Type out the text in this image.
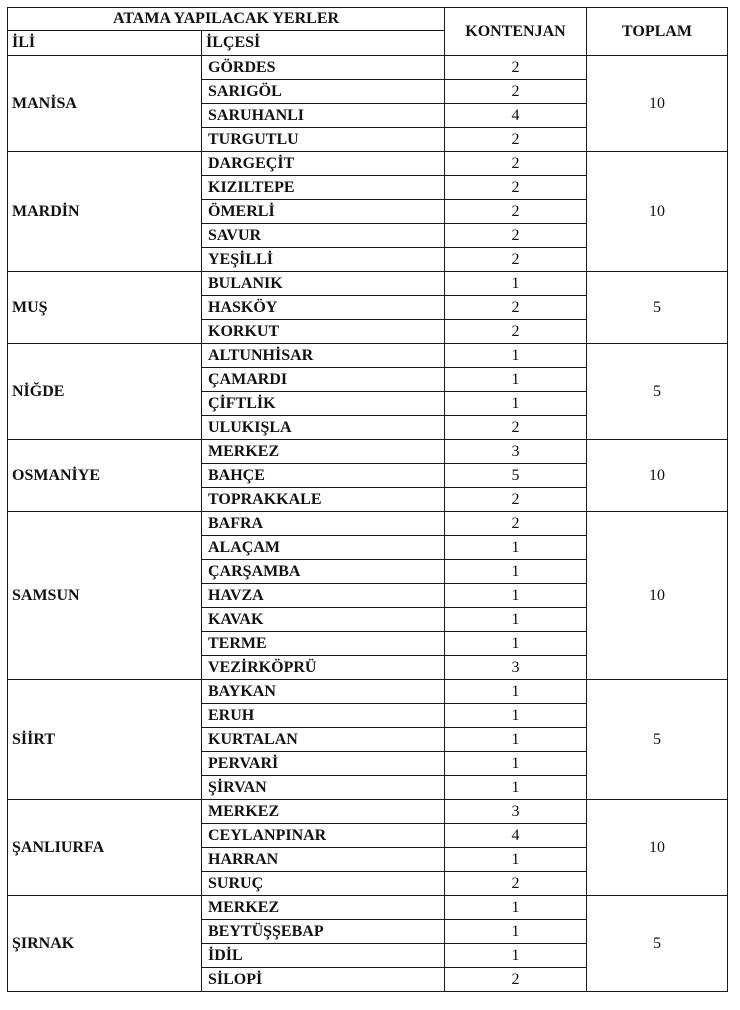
ATAMA YAPILACAK YERLER		KONTENJAN	TOPLAM
İLİ	İLÇESİ		
MANİSA	GÖRDES	2	10
	SARIGÖL	2	
	SARUHANLI	4	
	TURGUTLU	2	
MARDİN	DARGEÇİT	2	10
	KIZILTEPE	2	
	ÖMERLİ	2	
	SAVUR	2	
	YEŞİLLİ	2	
MUŞ	BULANIK	1	5
	HASKÖY	2	
	KORKUT	2	
NİĞDE	ALTUNHİSAR	1	5
	ÇAMARDI	1	
	ÇİFTLİK	1	
	ULUKIŞLA	2	
OSMANİYE	MERKEZ	3	10
	BAHÇE	5	
	TOPRAKKALE	2	
SAMSUN	BAFRA	2	10
	ALAÇAM	1	
	ÇARŞAMBA	1	
	HAVZA	1	
	KAVAK	1	
	TERME	1	
	VEZİRKÖPRÜ	3	
SİİRT	BAYKAN	1	5
	ERUH	1	
	KURTALAN	1	
	PERVARİ	1	
	ŞİRVAN	1	
ŞANLIURFA	MERKEZ	3	10
	CEYLANPINAR	4	
	HARRAN	1	
	SURUÇ	2	
ŞIRNAK	MERKEZ	1	5
	BEYTÜŞŞEBAP	1	
	İDİL	1	
	SİLOPİ	2	
